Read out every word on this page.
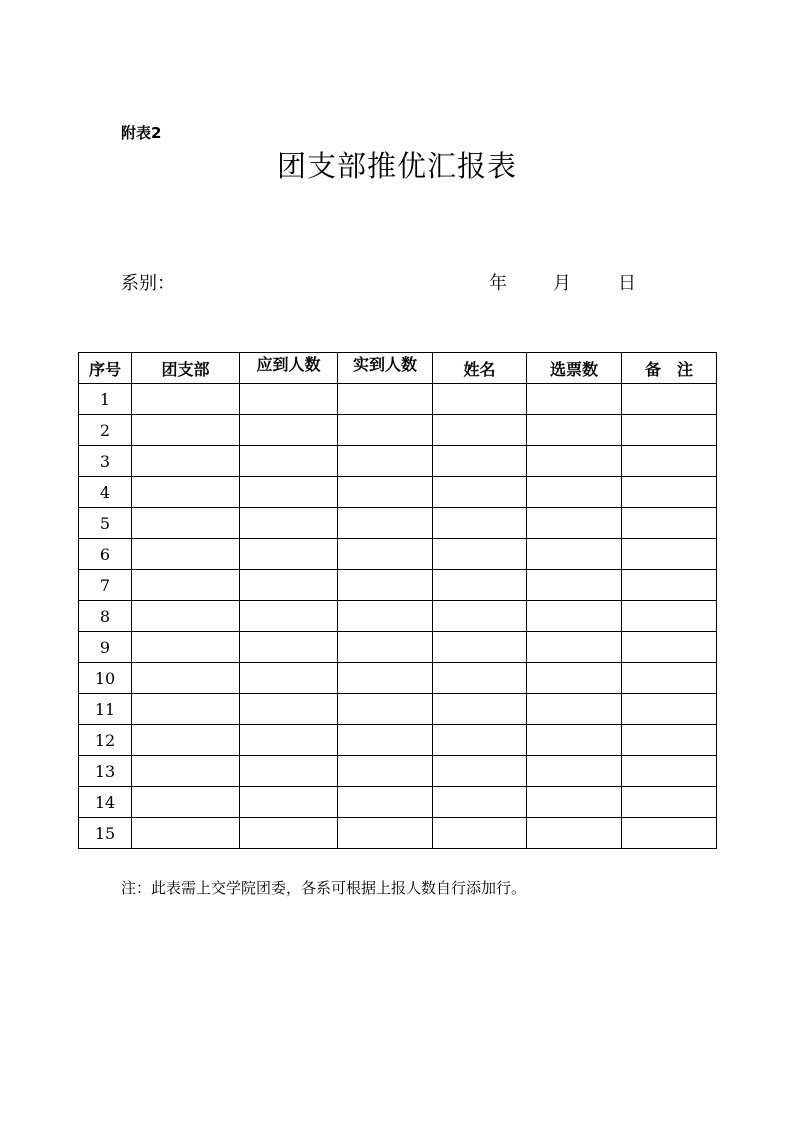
附表2
团支部推优汇报表
系别：	年	月	日
序号	团支部	应到人数	实到人数	姓名	选票数	备　注
1						
2						
3						
4						
5						
6						
7						
8						
9						
10						
11						
12						
13						
14						
15						
注：此表需上交学院团委，各系可根据上报人数自行添加行。
